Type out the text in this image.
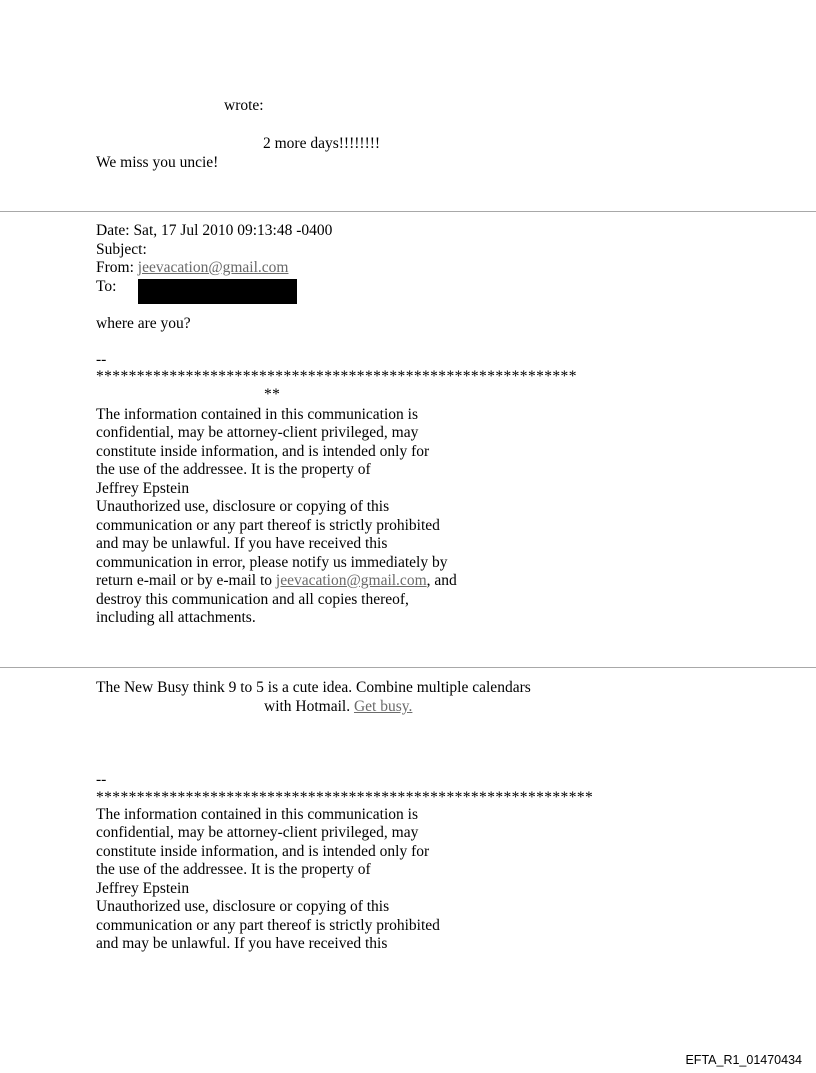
wrote:
2 more days!!!!!!!!
We miss you uncie!
Date: Sat, 17 Jul 2010 09:13:48 -0400
Subject:
From: jeevacation@gmail.com
To:
where are you?
--
***********************************************************
**
The information contained in this communication is
confidential, may be attorney-client privileged, may
constitute inside information, and is intended only for
the use of the addressee. It is the property of
Jeffrey Epstein
Unauthorized use, disclosure or copying of this
communication or any part thereof is strictly prohibited
and may be unlawful. If you have received this
communication in error, please notify us immediately by
return e-mail or by e-mail to jeevacation@gmail.com, and
destroy this communication and all copies thereof,
including all attachments.
The New Busy think 9 to 5 is a cute idea. Combine multiple calendars
with Hotmail. Get busy.
--
*************************************************************
The information contained in this communication is
confidential, may be attorney-client privileged, may
constitute inside information, and is intended only for
the use of the addressee. It is the property of
Jeffrey Epstein
Unauthorized use, disclosure or copying of this
communication or any part thereof is strictly prohibited
and may be unlawful. If you have received this
EFTA_R1_01470434
